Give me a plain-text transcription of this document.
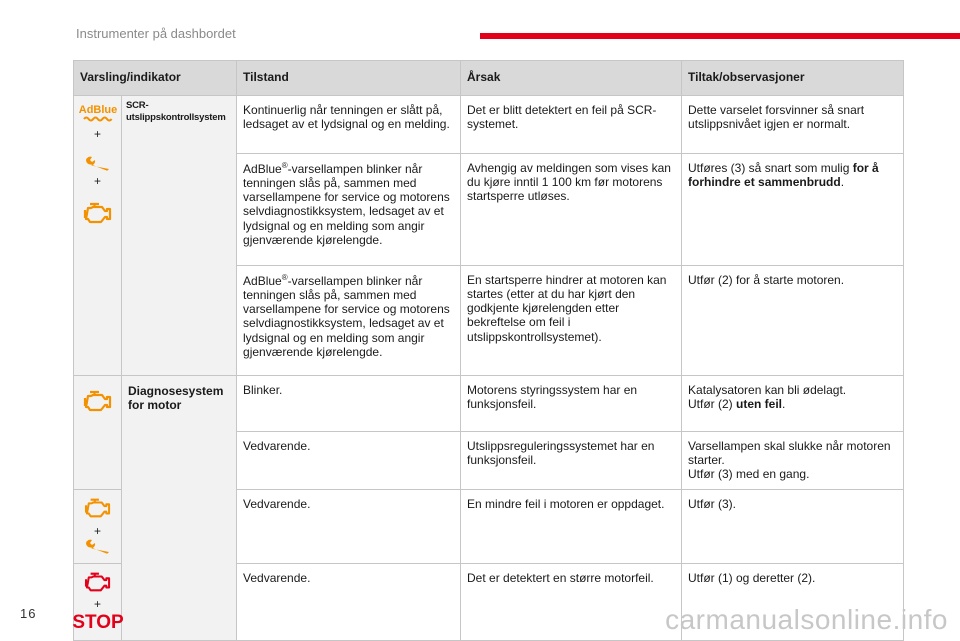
Instrumenter på dashbordet
Varsling/indikator		Tilstand	Årsak	Tiltak/observasjoner

AdBlue
+
+	SCR-utslippskontrollsystem	Kontinuerlig når tenningen er slått på, ledsaget av et lydsignal og en melding.	Det er blitt detektert en feil på SCR-systemet.	Dette varselet forsvinner så snart utslippsnivået igjen er normalt.
		AdBlue®-varsellampen blinker når tenningen slås på, sammen med varsellampene for service og motorens selvdiagnostikksystem, ledsaget av et lydsignal og en melding som angir gjenværende kjørelengde.	Avhengig av meldingen som vises kan du kjøre inntil 1 100 km før motorens startsperre utløses.	Utføres (3) så snart som mulig for å forhindre et sammenbrudd.
		AdBlue®-varsellampen blinker når tenningen slås på, sammen med varsellampene for service og motorens selvdiagnostikksystem, ledsaget av et lydsignal og en melding som angir gjenværende kjørelengde.	En startsperre hindrer at motoren kan startes (etter at du har kjørt den godkjente kjørelengden etter bekreftelse om feil i utslippskontrollsystemet).	Utfør (2) for å starte motoren.

Diagnosesystem for motor	Blinker.	Motorens styringssystem har en funksjonsfeil.	Katalysatoren kan bli ødelagt.
Utfør (2) uten feil.

		Vedvarende.	Utslippsreguleringssystemet har en funksjonsfeil.	Varsellampen skal slukke når motoren starter.
Utfør (3) med en gang.

+		Vedvarende.	En mindre feil i motoren er oppdaget.	Utfør (3).

+
STOP		Vedvarende.	Det er detektert en større motorfeil.	Utfør (1) og deretter (2).
16	carmanualsonline.info
